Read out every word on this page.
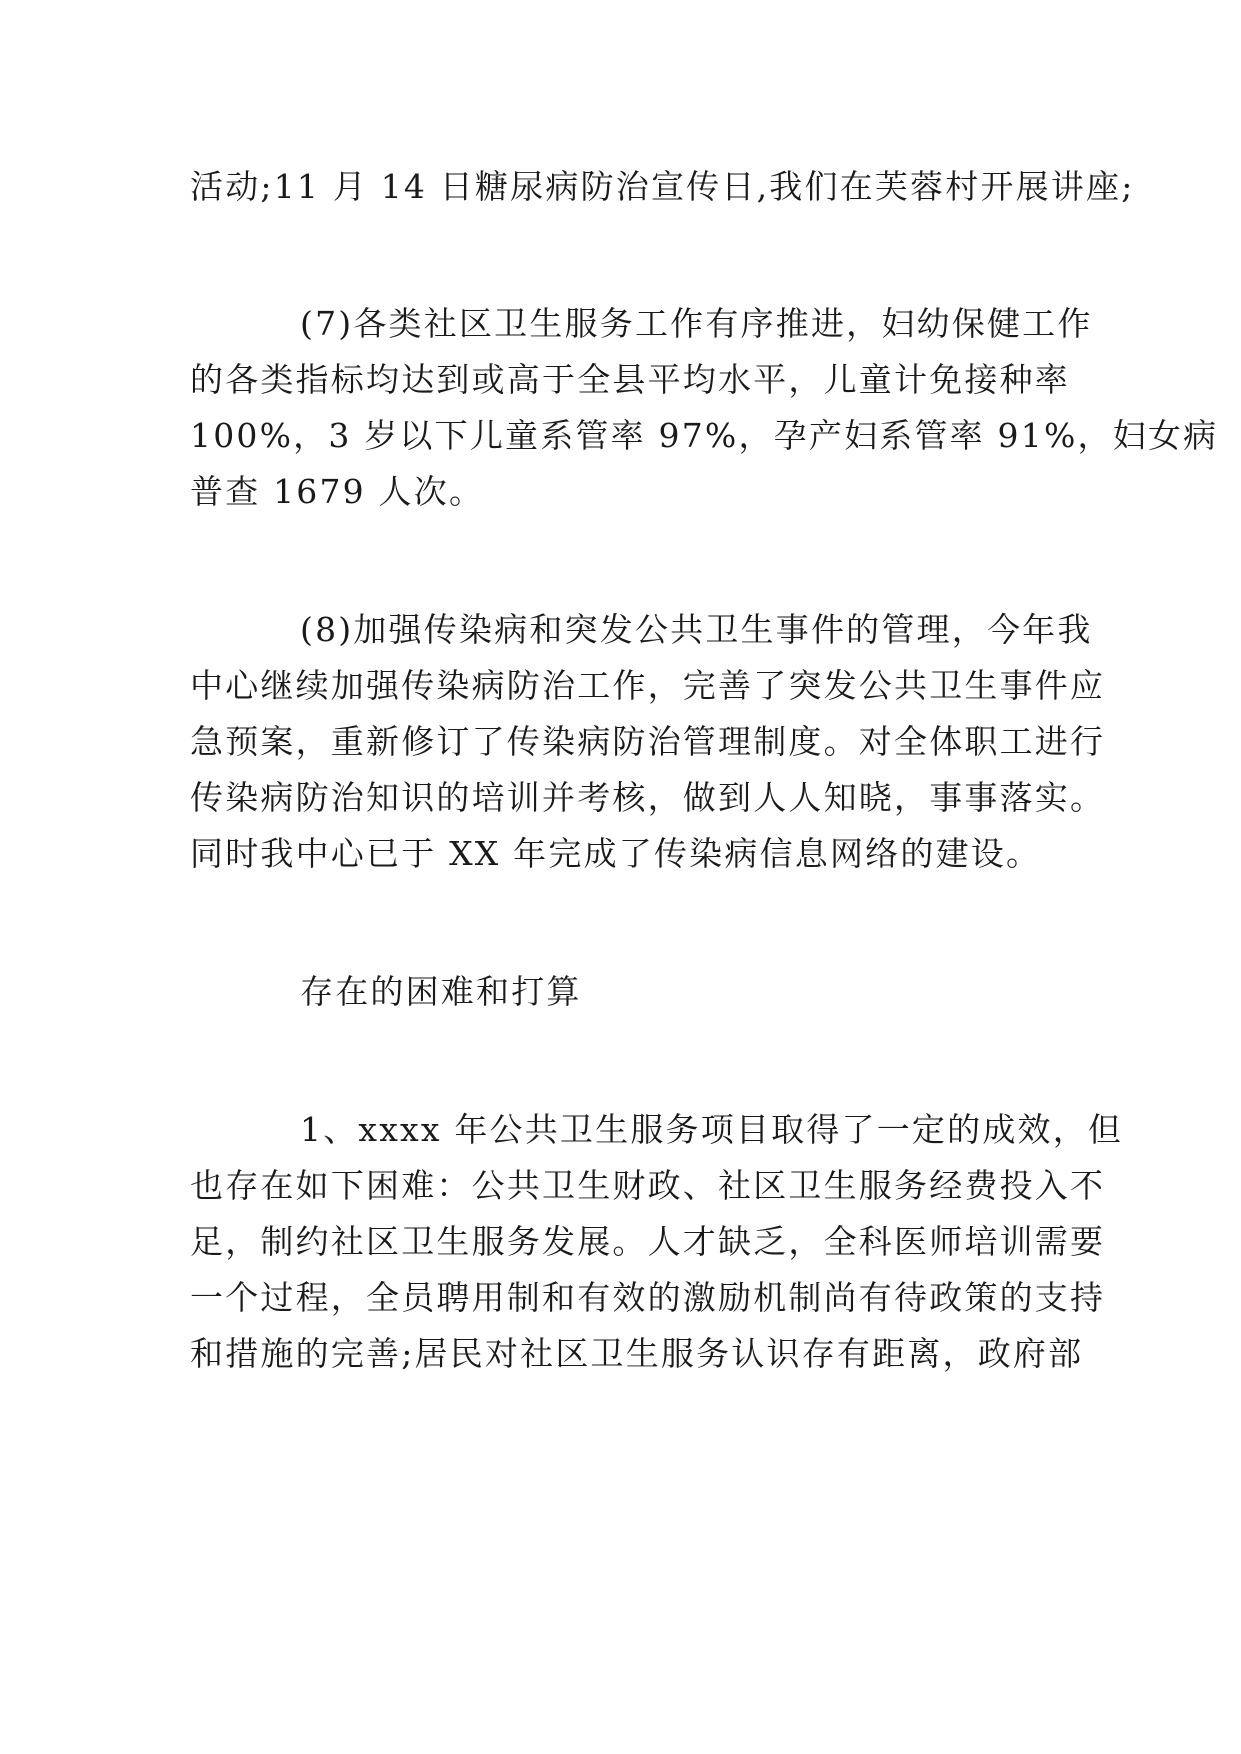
活动;11 月 14 日糖尿病防治宣传日,我们在芙蓉村开展讲座;
(7)各类社区卫生服务工作有序推进，妇幼保健工作
的各类指标均达到或高于全县平均水平，儿童计免接种率
100%，3 岁以下儿童系管率 97%，孕产妇系管率 91%，妇女病
普查 1679 人次。
(8)加强传染病和突发公共卫生事件的管理，今年我
中心继续加强传染病防治工作，完善了突发公共卫生事件应
急预案，重新修订了传染病防治管理制度。对全体职工进行
传染病防治知识的培训并考核，做到人人知晓，事事落实。
同时我中心已于 XX 年完成了传染病信息网络的建设。
存在的困难和打算
1、xxxx 年公共卫生服务项目取得了一定的成效，但
也存在如下困难：公共卫生财政、社区卫生服务经费投入不
足，制约社区卫生服务发展。人才缺乏，全科医师培训需要
一个过程，全员聘用制和有效的激励机制尚有待政策的支持
和措施的完善;居民对社区卫生服务认识存有距离，政府部
